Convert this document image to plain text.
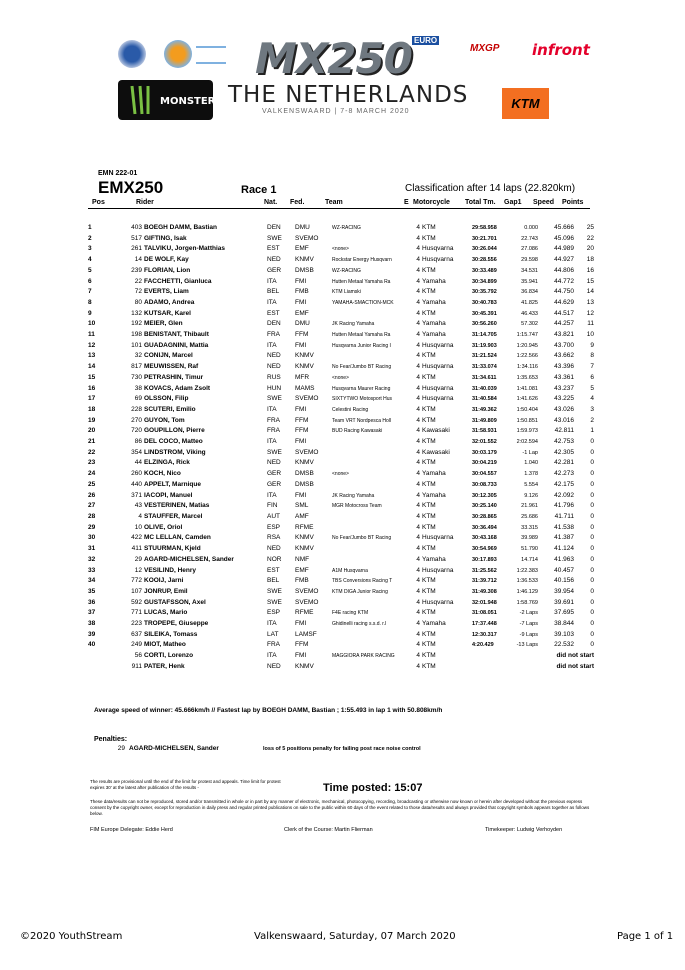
MONSTER
MX250 EURO
MXGP infront
THE NETHERLANDS
VALKENSWAARD | 7-8 MARCH 2020
KTM
EMN 222-01
EMX250	Race 1	Classification after 14 laps (22.820km)
Pos	Rider	Nat. Fed.	Team	E Motorcycle Total Tm. Gap1 Speed Points

1	403	BOEGH DAMM, Bastian	DEN	DMU	WZ-RACING	4	KTM	29:58.958	0.000	45.666	25
2	517	GIFTING, Isak	SWE	SVEMO		4	KTM	30:21.701	22.743	45.096	22
3	261	TALVIKU, Jorgen-Matthias	EST	EMF	<none>	4	Husqvarna	30:26.044	27.086	44.989	20
4	14	DE WOLF, Kay	NED	KNMV	Rockstar Energy Husqvarn	4	Husqvarna	30:28.556	29.598	44.927	18
5	239	FLORIAN, Lion	GER	DMSB	WZ-RACING	4	KTM	30:33.489	34.531	44.806	16
6	22	FACCHETTI, Gianluca	ITA	FMI	Hutten Metaal Yamaha Ra	4	Yamaha	30:34.899	35.941	44.772	15
7	72	EVERTS, Liam	BEL	FMB	KTM Liamski	4	KTM	30:35.792	36.834	44.750	14
8	80	ADAMO, Andrea	ITA	FMI	YAMAHA-SMACTION-MCK	4	Yamaha	30:40.783	41.825	44.629	13
9	132	KUTSAR, Karel	EST	EMF		4	KTM	30:45.391	46.433	44.517	12
10	192	MEIER, Glen	DEN	DMU	JK Racing Yamaha	4	Yamaha	30:56.260	57.302	44.257	11
11	198	BENISTANT, Thibault	FRA	FFM	Hutten Metaal Yamaha Ra	4	Yamaha	31:14.705	1:15.747	43.821	10
12	101	GUADAGNINI, Mattia	ITA	FMI	Husqvarna Junior Racing I	4	Husqvarna	31:19.903	1:20.945	43.700	9
13	32	CONIJN, Marcel	NED	KNMV		4	KTM	31:21.524	1:22.566	43.662	8
14	817	MEUWISSEN, Raf	NED	KNMV	No Fear/Jumbo BT Racing	4	Husqvarna	31:33.074	1:34.116	43.396	7
15	730	PETRASHIN, Timur	RUS	MFR	<none>	4	KTM	31:34.611	1:35.653	43.361	6
16	38	KOVACS, Adam Zsolt	HUN	MAMS	Husqvarna Maurer Racing	4	Husqvarna	31:40.039	1:41.081	43.237	5
17	69	OLSSON, Filip	SWE	SVEMO	SIXTYTWO Motosport Hus	4	Husqvarna	31:40.584	1:41.626	43.225	4
18	228	SCUTERI, Emilio	ITA	FMI	Celestini Racing	4	KTM	31:49.362	1:50.404	43.026	3
19	270	GUYON, Tom	FRA	FFM	Team VRT Nordpesca Holl	4	KTM	31:49.809	1:50.851	43.016	2
20	720	GOUPILLON, Pierre	FRA	FFM	BUD Racing Kawasaki	4	Kawasaki	31:58.931	1:59.973	42.811	1
21	86	DEL COCO, Matteo	ITA	FMI		4	KTM	32:01.552	2:02.594	42.753	0
22	354	LINDSTROM, Viking	SWE	SVEMO		4	Kawasaki	30:03.179	-1 Lap	42.305	0
23	44	ELZINGA, Rick	NED	KNMV		4	KTM	30:04.219	1.040	42.281	0
24	260	KOCH, Nico	GER	DMSB	<none>	4	Yamaha	30:04.557	1.378	42.273	0
25	440	APPELT, Marnique	GER	DMSB		4	KTM	30:08.733	5.554	42.175	0
26	371	IACOPI, Manuel	ITA	FMI	JK Racing Yamaha	4	Yamaha	30:12.305	9.126	42.092	0
27	43	VESTERINEN, Matias	FIN	SML	MGR Motocross Team	4	KTM	30:25.140	21.961	41.796	0
28	4	STAUFFER, Marcel	AUT	AMF		4	KTM	30:28.865	25.686	41.711	0
29	10	OLIVE, Oriol	ESP	RFME		4	KTM	30:36.494	33.315	41.538	0
30	422	MC LELLAN, Camden	RSA	KNMV	No Fear/Jumbo BT Racing	4	Husqvarna	30:43.168	39.989	41.387	0
31	411	STUURMAN, Kjeld	NED	KNMV		4	KTM	30:54.969	51.790	41.124	0
32	29	AGARD-MICHELSEN, Sander	NOR	NMF		4	Yamaha	30:17.893	14.714	41.963	0
33	12	VESILIND, Henry	EST	EMF	A1M Husqvarna	4	Husqvarna	31:25.562	1:22.383	40.457	0
34	772	KOOIJ, Jarni	BEL	FMB	TBS Conversions Racing T	4	KTM	31:39.712	1:36.533	40.156	0
35	107	JONRUP, Emil	SWE	SVEMO	KTM DIGA Junior Racing	4	KTM	31:49.308	1:46.129	39.954	0
36	592	GUSTAFSSON, Axel	SWE	SVEMO		4	Husqvarna	32:01.948	1:58.769	39.691	0
37	771	LUCAS, Mario	ESP	RFME	F4E racing KTM	4	KTM	31:08.051	-2 Laps	37.695	0
38	223	TROPEPE, Giuseppe	ITA	FMI	Ghidinelli racing s.s.d. r.l	4	Yamaha	17:37.448	-7 Laps	38.844	0
39	637	SILEIKA, Tomass	LAT	LAMSF		4	KTM	12:30.317	-9 Laps	39.103	0
40	249	MIOT, Matheo	FRA	FFM		4	KTM	4:20.429	-13 Laps	22.532	0
	56	CORTI, Lorenzo	ITA	FMI	MAGGIORA PARK RACING	4	KTM	did not start			
	911	PATER, Henk	NED	KNMV		4	KTM	did not start			
Average speed of winner: 45.666km/h // Fastest lap by BOEGH DAMM, Bastian ; 1:55.493 in lap 1 with 50.808km/h
Penalties:
29 AGARD-MICHELSEN, Sander	loss of 5 positions penalty for failing post race noise control
The results are provisional until the end of the limit for protest and appeals. Time limit for protest expires 30' at the latest after publication of the results -	Time posted: 15:07
These data/results can not be reproduced, stored and/or transmitted in whole or in part by any manner of electronic, mechanical, photocopying, recording, broadcasting or otherwise now known or herein after developed without the previous express consent by the copyright owner, except for reproduction in daily press and regular printed publications on sale to the public within 60 days of the event related to those data/results and always provided that copyright symbols appears together as follows below.
FIM Europe Delegate: Eddie Herd	Clerk of the Course: Martin Flierman	Timekeeper: Ludwig Verhoyden
©2020 YouthStream	Valkenswaard, Saturday, 07 March 2020	Page 1 of 1
